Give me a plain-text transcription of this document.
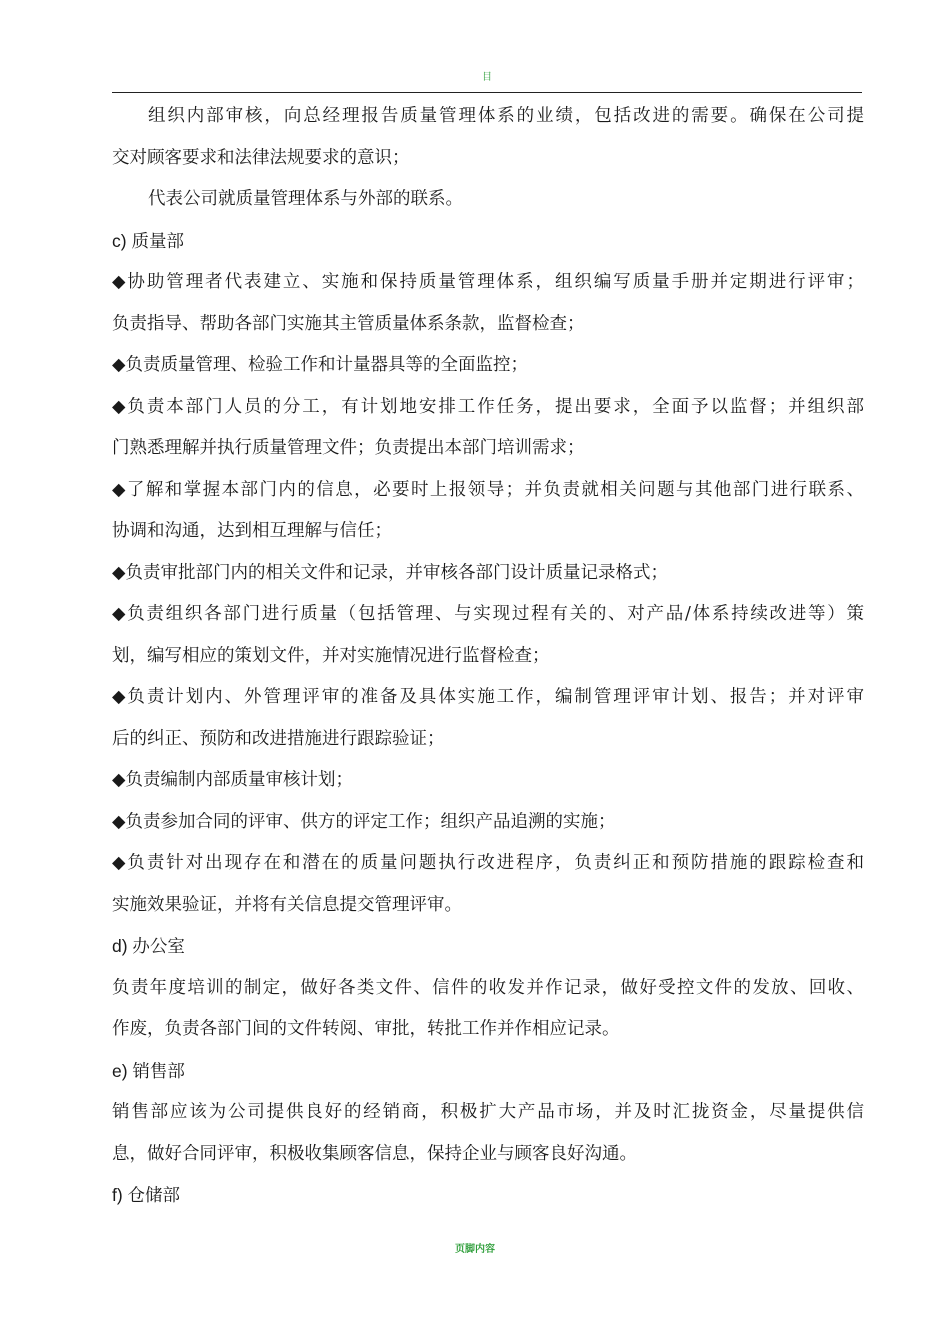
目
组织内部审核，向总经理报告质量管理体系的业绩，包括改进的需要。确保在公司提
交对顾客要求和法律法规要求的意识；
代表公司就质量管理体系与外部的联系。
c) 质量部
◆协助管理者代表建立、实施和保持质量管理体系，组织编写质量手册并定期进行评审；
负责指导、帮助各部门实施其主管质量体系条款，监督检查；
◆负责质量管理、检验工作和计量器具等的全面监控；
◆负责本部门人员的分工，有计划地安排工作任务，提出要求，全面予以监督；并组织部
门熟悉理解并执行质量管理文件；负责提出本部门培训需求；
◆了解和掌握本部门内的信息，必要时上报领导；并负责就相关问题与其他部门进行联系、
协调和沟通，达到相互理解与信任；
◆负责审批部门内的相关文件和记录，并审核各部门设计质量记录格式；
◆负责组织各部门进行质量（包括管理、与实现过程有关的、对产品/体系持续改进等）策
划，编写相应的策划文件，并对实施情况进行监督检查；
◆负责计划内、外管理评审的准备及具体实施工作，编制管理评审计划、报告；并对评审
后的纠正、预防和改进措施进行跟踪验证；
◆负责编制内部质量审核计划；
◆负责参加合同的评审、供方的评定工作；组织产品追溯的实施；
◆负责针对出现存在和潜在的质量问题执行改进程序，负责纠正和预防措施的跟踪检查和
实施效果验证，并将有关信息提交管理评审。
d) 办公室
负责年度培训的制定，做好各类文件、信件的收发并作记录，做好受控文件的发放、回收、
作废，负责各部门间的文件转阅、审批，转批工作并作相应记录。
e) 销售部
销售部应该为公司提供良好的经销商，积极扩大产品市场，并及时汇拢资金，尽量提供信
息，做好合同评审，积极收集顾客信息，保持企业与顾客良好沟通。
f) 仓储部
页脚内容
